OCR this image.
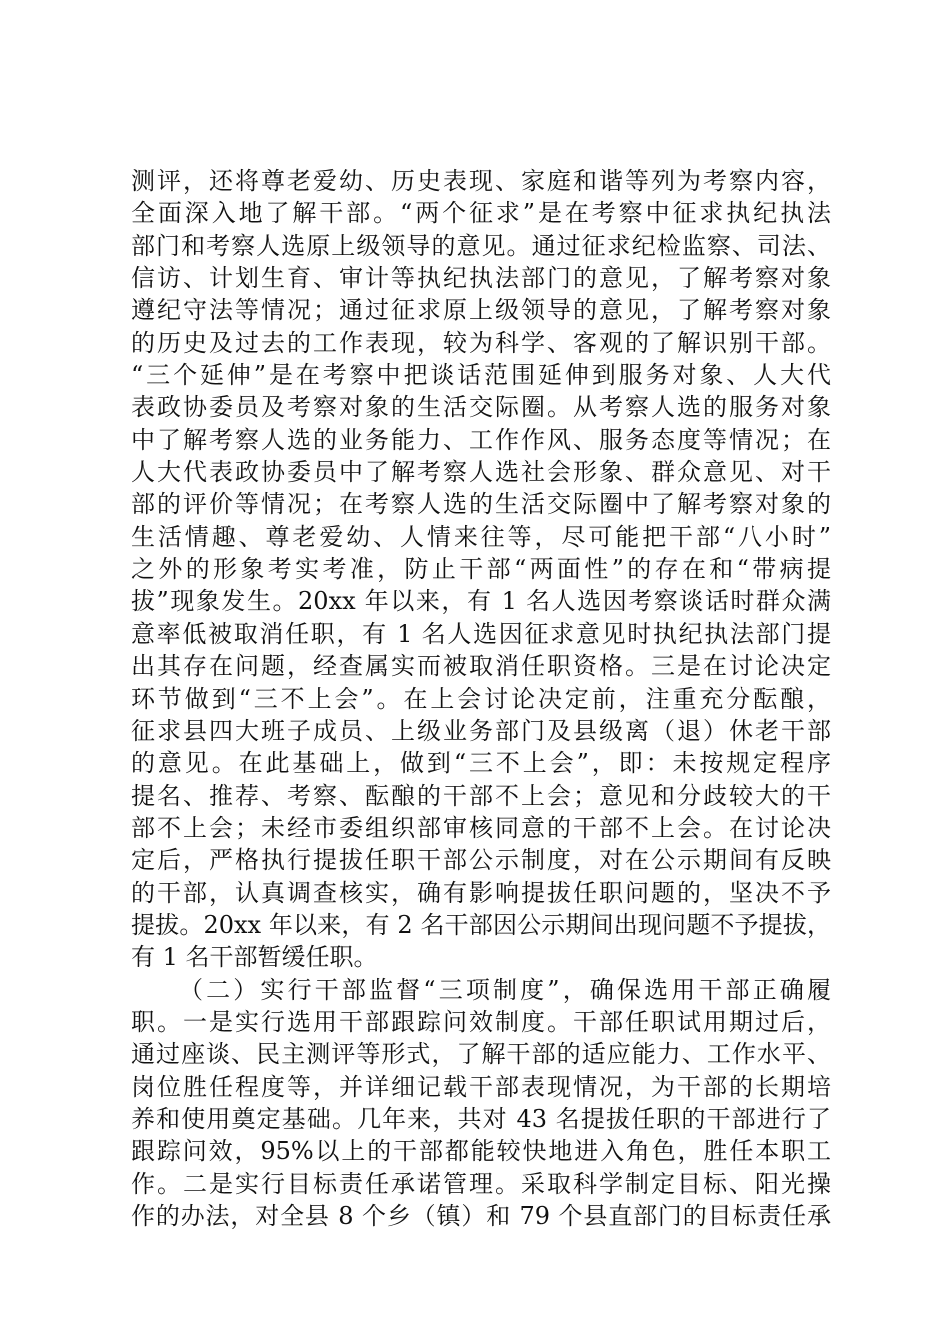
测评，还将尊老爱幼、历史表现、家庭和谐等列为考察内容，
全面深入地了解干部。“两个征求”是在考察中征求执纪执法
部门和考察人选原上级领导的意见。通过征求纪检监察、司法、
信访、计划生育、审计等执纪执法部门的意见，了解考察对象
遵纪守法等情况；通过征求原上级领导的意见，了解考察对象
的历史及过去的工作表现，较为科学、客观的了解识别干部。
“三个延伸”是在考察中把谈话范围延伸到服务对象、人大代
表政协委员及考察对象的生活交际圈。从考察人选的服务对象
中了解考察人选的业务能力、工作作风、服务态度等情况；在
人大代表政协委员中了解考察人选社会形象、群众意见、对干
部的评价等情况；在考察人选的生活交际圈中了解考察对象的
生活情趣、尊老爱幼、人情来往等，尽可能把干部“八小时”
之外的形象考实考准，防止干部“两面性”的存在和“带病提
拔”现象发生。20xx 年以来，有 1 名人选因考察谈话时群众满
意率低被取消任职，有 1 名人选因征求意见时执纪执法部门提
出其存在问题，经查属实而被取消任职资格。三是在讨论决定
环节做到“三不上会”。在上会讨论决定前，注重充分酝酿，
征求县四大班子成员、上级业务部门及县级离（退）休老干部
的意见。在此基础上，做到“三不上会”，即：未按规定程序
提名、推荐、考察、酝酿的干部不上会；意见和分歧较大的干
部不上会；未经市委组织部审核同意的干部不上会。在讨论决
定后，严格执行提拔任职干部公示制度，对在公示期间有反映
的干部，认真调查核实，确有影响提拔任职问题的，坚决不予
提拔。20xx 年以来，有 2 名干部因公示期间出现问题不予提拔，
有 1 名干部暂缓任职。
（二）实行干部监督“三项制度”，确保选用干部正确履
职。一是实行选用干部跟踪问效制度。干部任职试用期过后，
通过座谈、民主测评等形式，了解干部的适应能力、工作水平、
岗位胜任程度等，并详细记载干部表现情况，为干部的长期培
养和使用奠定基础。几年来，共对 43 名提拔任职的干部进行了
跟踪问效，95%以上的干部都能较快地进入角色，胜任本职工
作。二是实行目标责任承诺管理。采取科学制定目标、阳光操
作的办法，对全县 8 个乡（镇）和 79 个县直部门的目标责任承
